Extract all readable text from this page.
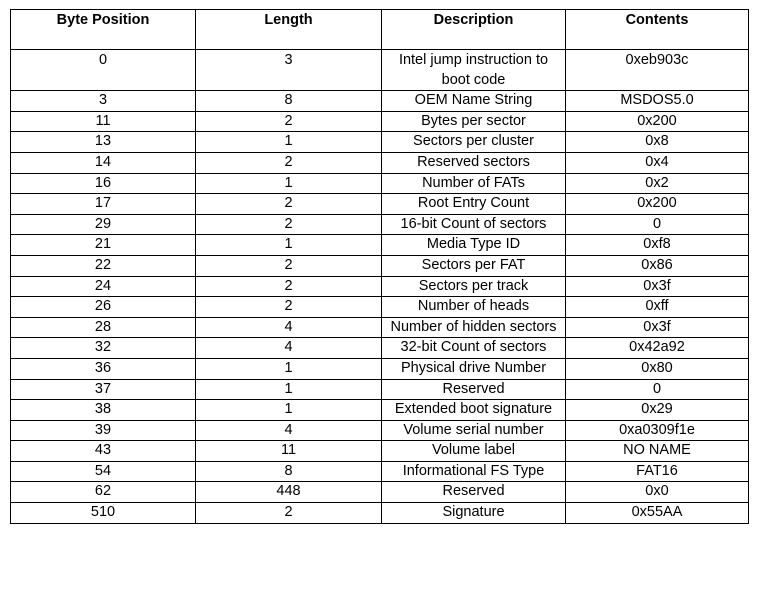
Byte Position	Length	Description	Contents
0	3	Intel jump instruction to boot code	0xeb903c
3	8	OEM Name String	MSDOS5.0
11	2	Bytes per sector	0x200
13	1	Sectors per cluster	0x8
14	2	Reserved sectors	0x4
16	1	Number of FATs	0x2
17	2	Root Entry Count	0x200
29	2	16-bit Count of sectors	0
21	1	Media Type ID	0xf8
22	2	Sectors per FAT	0x86
24	2	Sectors per track	0x3f
26	2	Number of heads	0xff
28	4	Number of hidden sectors	0x3f
32	4	32-bit Count of sectors	0x42a92
36	1	Physical drive Number	0x80
37	1	Reserved	0
38	1	Extended boot signature	0x29
39	4	Volume serial number	0xa0309f1e
43	11	Volume label	NO NAME
54	8	Informational FS Type	FAT16
62	448	Reserved	0x0
510	2	Signature	0x55AA
